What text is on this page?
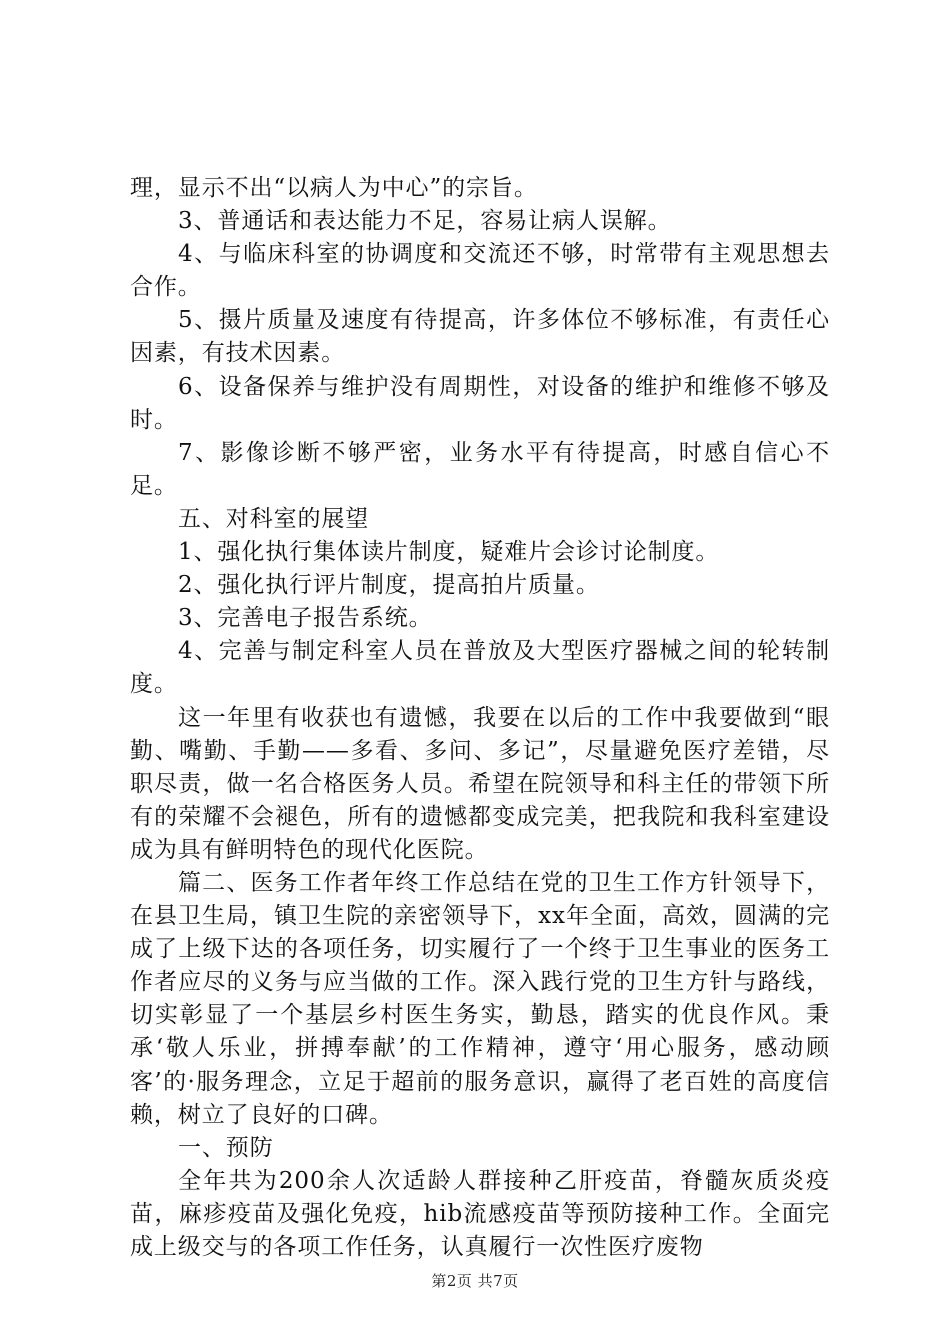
理，显示不出“以病人为中心”的宗旨。

3、普通话和表达能力不足，容易让病人误解。

4、与临床科室的协调度和交流还不够，时常带有主观思想去合作。

5、摄片质量及速度有待提高，许多体位不够标准，有责任心因素，有技术因素。

6、设备保养与维护没有周期性，对设备的维护和维修不够及时。

7、影像诊断不够严密，业务水平有待提高，时感自信心不足。

五、对科室的展望

1、强化执行集体读片制度，疑难片会诊讨论制度。

2、强化执行评片制度，提高拍片质量。

3、完善电子报告系统。

4、完善与制定科室人员在普放及大型医疗器械之间的轮转制度。

这一年里有收获也有遗憾，我要在以后的工作中我要做到“眼勤、嘴勤、手勤——多看、多问、多记”，尽量避免医疗差错，尽职尽责，做一名合格医务人员。希望在院领导和科主任的带领下所有的荣耀不会褪色，所有的遗憾都变成完美，把我院和我科室建设成为具有鲜明特色的现代化医院。

篇二、医务工作者年终工作总结在党的卫生工作方针领导下，在县卫生局，镇卫生院的亲密领导下，xx年全面，高效，圆满的完成了上级下达的各项任务，切实履行了一个终于卫生事业的医务工作者应尽的义务与应当做的工作。深入践行党的卫生方针与路线，切实彰显了一个基层乡村医生务实，勤恳，踏实的优良作风。秉承‘敬人乐业，拼搏奉献’的工作精神，遵守‘用心服务，感动顾客’的·服务理念，立足于超前的服务意识，赢得了老百姓的高度信赖，树立了良好的口碑。

一、预防

全年共为200余人次适龄人群接种乙肝疫苗，脊髓灰质炎疫苗，麻疹疫苗及强化免疫，hib流感疫苗等预防接种工作。全面完成上级交与的各项工作任务，认真履行一次性医疗废物

第2页 共7页
